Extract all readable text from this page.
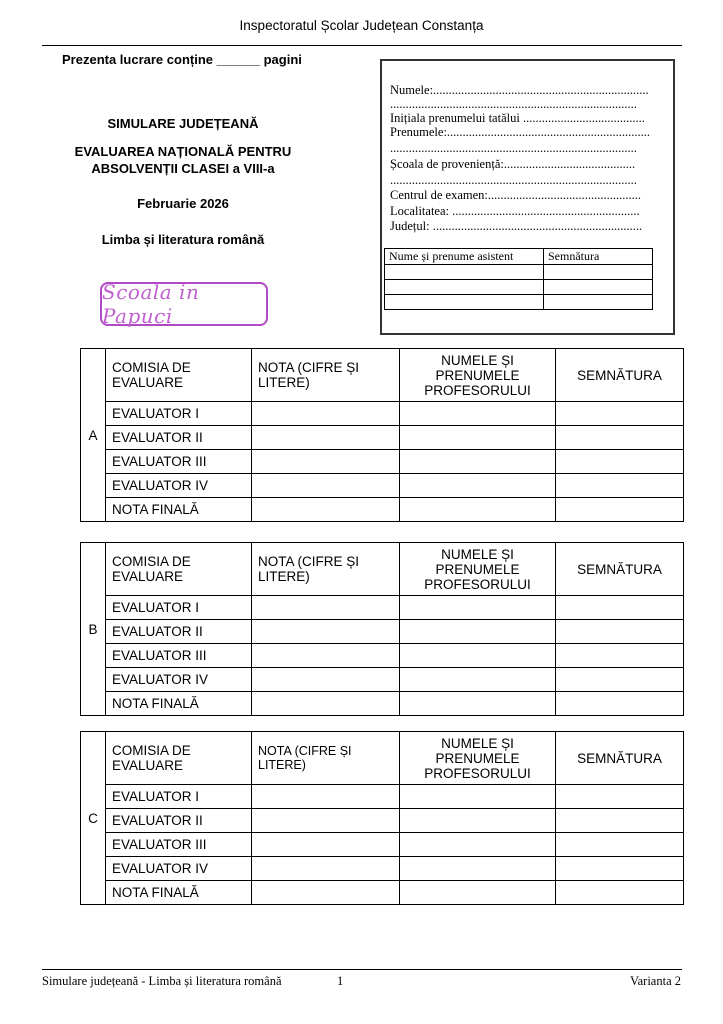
Inspectoratul Școlar Județean Constanța
Prezenta lucrare conține ______ pagini
SIMULARE JUDEȚEANĂ
EVALUAREA NAȚIONALĂ PENTRU
ABSOLVENȚII CLASEI a VIII-a
Februarie 2026
Limba și literatura română
Scoala in Papuci
Numele:.....................................................................
...............................................................................
Inițiala prenumelui tatălui .......................................
Prenumele:.................................................................
...............................................................................
Școala de proveniență:..........................................
...............................................................................
Centrul de examen:.................................................
Localitatea: ............................................................
Județul: ...................................................................
Nume și prenume asistent	Semnătura

A	COMISIA DE EVALUARE	NOTA (CIFRE ȘI LITERE)	NUMELE ȘI PRENUMELE PROFESORULUI	SEMNĂTURA
	EVALUATOR I			
	EVALUATOR II			
	EVALUATOR III			
	EVALUATOR IV			
	NOTA FINALĂ			
B	COMISIA DE EVALUARE	NOTA (CIFRE ȘI LITERE)	NUMELE ȘI PRENUMELE PROFESORULUI	SEMNĂTURA
	EVALUATOR I			
	EVALUATOR II			
	EVALUATOR III			
	EVALUATOR IV			
	NOTA FINALĂ			
C	COMISIA DE EVALUARE	NOTA (CIFRE ȘI LITERE)	NUMELE ȘI PRENUMELE PROFESORULUI	SEMNĂTURA
	EVALUATOR I			
	EVALUATOR II			
	EVALUATOR III			
	EVALUATOR IV			
	NOTA FINALĂ			
Simulare județeană - Limba și literatura română	1	Varianta 2
